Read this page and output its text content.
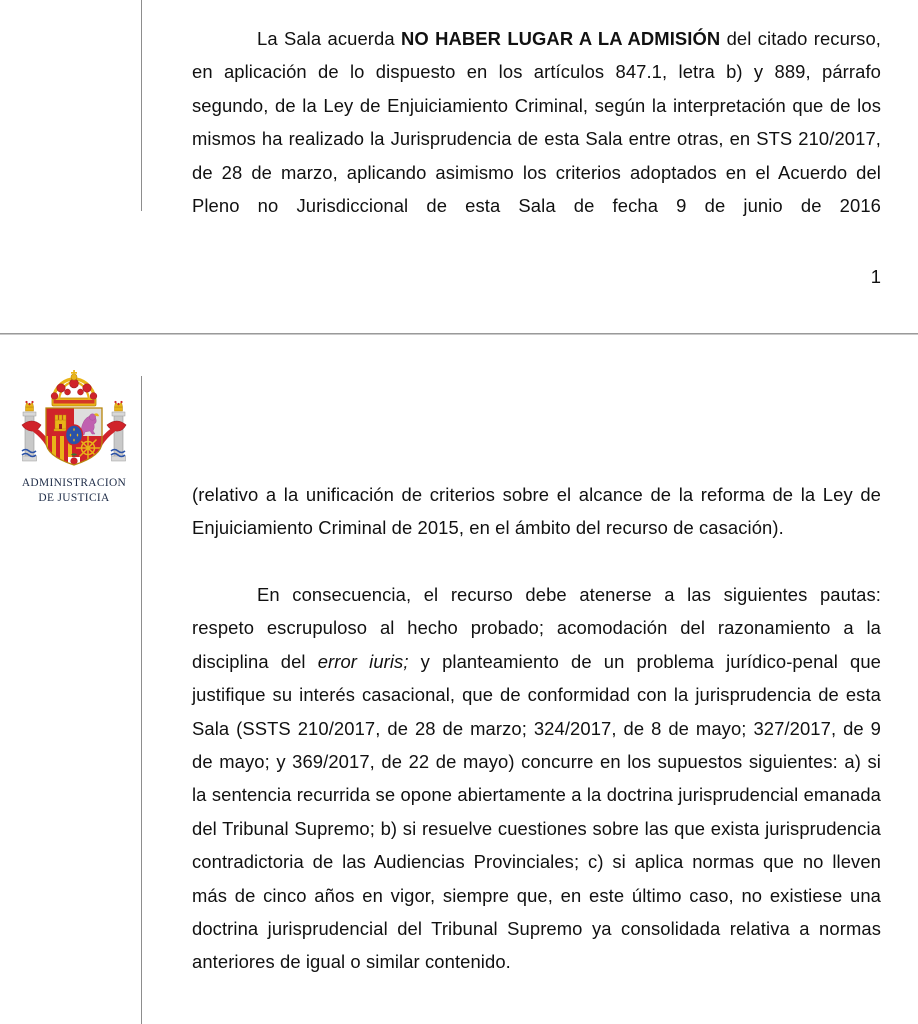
La Sala acuerda NO HABER LUGAR A LA ADMISIÓN del citado recurso, en aplicación de lo dispuesto en los artículos 847.1, letra b) y 889, párrafo segundo, de la Ley de Enjuiciamiento Criminal, según la interpretación que de los mismos ha realizado la Jurisprudencia de esta Sala entre otras, en STS 210/2017, de 28 de marzo, aplicando asimismo los criterios adoptados en el Acuerdo del Pleno no Jurisdiccional de esta Sala de fecha 9 de junio de 2016

1
ADMINISTRACION
DE JUSTICIA	(relativo a la unificación de criterios sobre el alcance de la reforma de la Ley de Enjuiciamiento Criminal de 2015, en el ámbito del recurso de casación).

En consecuencia, el recurso debe atenerse a las siguientes pautas: respeto escrupuloso al hecho probado; acomodación del razonamiento a la disciplina del error iuris; y planteamiento de un problema jurídico-penal que justifique su interés casacional, que de conformidad con la jurisprudencia de esta Sala (SSTS 210/2017, de 28 de marzo; 324/2017, de 8 de mayo; 327/2017, de 9 de mayo; y 369/2017, de 22 de mayo) concurre en los supuestos siguientes: a) si la sentencia recurrida se opone abiertamente a la doctrina jurisprudencial emanada del Tribunal Supremo; b) si resuelve cuestiones sobre las que exista jurisprudencia contradictoria de las Audiencias Provinciales; c) si aplica normas que no lleven más de cinco años en vigor, siempre que, en este último caso, no existiese una doctrina jurisprudencial del Tribunal Supremo ya consolidada relativa a normas anteriores de igual o similar contenido.
